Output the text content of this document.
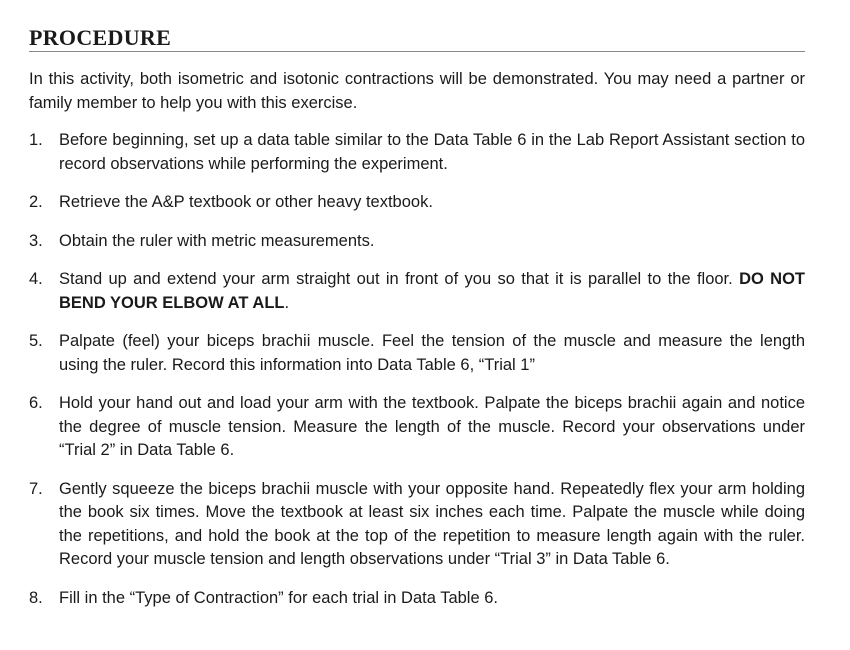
PROCEDURE

In this activity, both isometric and isotonic contractions will be demonstrated. You may need a partner or family member to help you with this exercise.

1. Before beginning, set up a data table similar to the Data Table 6 in the Lab Report Assistant section to record observations while performing the experiment.
2. Retrieve the A&P textbook or other heavy textbook.
3. Obtain the ruler with metric measurements.
4. Stand up and extend your arm straight out in front of you so that it is parallel to the floor. DO NOT BEND YOUR ELBOW AT ALL.
5. Palpate (feel) your biceps brachii muscle. Feel the tension of the muscle and measure the length using the ruler. Record this information into Data Table 6, “Trial 1”
6. Hold your hand out and load your arm with the textbook. Palpate the biceps brachii again and notice the degree of muscle tension. Measure the length of the muscle. Record your observations under “Trial 2” in Data Table 6.
7. Gently squeeze the biceps brachii muscle with your opposite hand. Repeatedly flex your arm holding the book six times. Move the textbook at least six inches each time. Palpate the muscle while doing the repetitions, and hold the book at the top of the repetition to measure length again with the ruler. Record your muscle tension and length observations under “Trial 3” in Data Table 6.
8. Fill in the “Type of Contraction” for each trial in Data Table 6.
